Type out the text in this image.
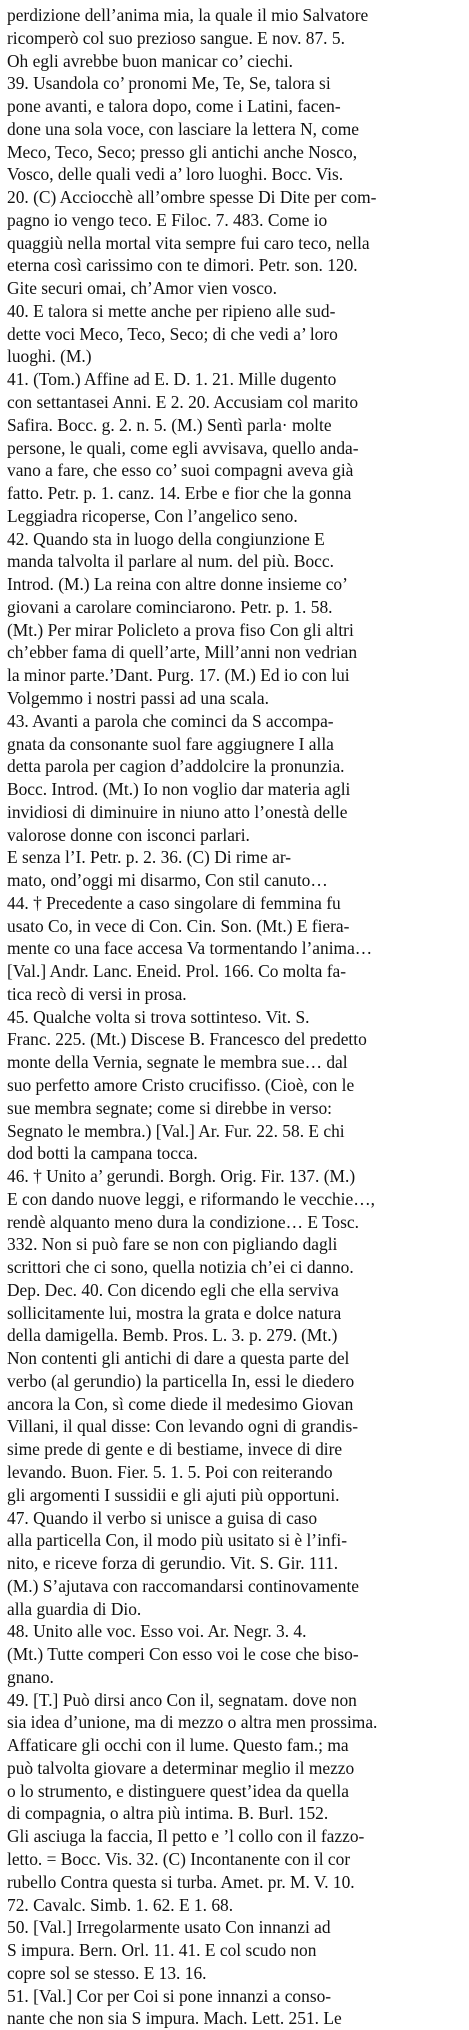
perdizione dell’anima mia, la quale il mio Salvatore
ricomperò col suo prezioso sangue. E nov. 87. 5.
Oh egli avrebbe buon manicar co’ ciechi.
39. Usandola co’ pronomi Me, Te, Se, talora si
pone avanti, e talora dopo, come i Latini, facen-
done una sola voce, con lasciare la lettera N, come
Meco, Teco, Seco; presso gli antichi anche Nosco,
Vosco, delle quali vedi a’ loro luoghi. Bocc. Vis.
20. (C) Acciocchè all’ombre spesse Di Dite per com-
pagno io vengo teco. E Filoc. 7. 483. Come io
quaggiù nella mortal vita sempre fui caro teco, nella
eterna così carissimo con te dimori. Petr. son. 120.
Gite securi omai, ch’Amor vien vosco.
40. E talora si mette anche per ripieno alle sud-
dette voci Meco, Teco, Seco; di che vedi a’ loro
luoghi. (M.)
41. (Tom.) Affine ad E. D. 1. 21. Mille dugento
con settantasei Anni. E 2. 20. Accusiam col marito
Safira. Bocc. g. 2. n. 5. (M.) Sentì parla· molte
persone, le quali, come egli avvisava, quello anda-
vano a fare, che esso co’ suoi compagni aveva già
fatto. Petr. p. 1. canz. 14. Erbe e fior che la gonna
Leggiadra ricoperse, Con l’angelico seno.
42. Quando sta in luogo della congiunzione E
manda talvolta il parlare al num. del più. Bocc.
Introd. (M.) La reina con altre donne insieme co’
giovani a carolare cominciarono. Petr. p. 1. 58.
(Mt.) Per mirar Policleto a prova fiso Con gli altri
ch’ebber fama di quell’arte, Mill’anni non vedrian
la minor parte.’Dant. Purg. 17. (M.) Ed io con lui
Volgemmo i nostri passi ad una scala.
43. Avanti a parola che cominci da S accompa-
gnata da consonante suol fare aggiugnere I alla
detta parola per cagion d’addolcire la pronunzia.
Bocc. Introd. (Mt.) Io non voglio dar materia agli
invidiosi di diminuire in niuno atto l’onestà delle
valorose donne con isconci parlari.
E senza l’I. Petr. p. 2. 36. (C) Di rime ar-
mato, ond’oggi mi disarmo, Con stil canuto…
44. † Precedente a caso singolare di femmina fu
usato Co, in vece di Con. Cin. Son. (Mt.) E fiera-
mente co una face accesa Va tormentando l’anima…
[Val.] Andr. Lanc. Eneid. Prol. 166. Co molta fa-
tica recò di versi in prosa.
45. Qualche volta si trova sottinteso. Vit. S.
Franc. 225. (Mt.) Discese B. Francesco del predetto
monte della Vernia, segnate le membra sue… dal
suo perfetto amore Cristo crucifisso. (Cioè, con le
sue membra segnate; come si direbbe in verso:
Segnato le membra.) [Val.] Ar. Fur. 22. 58. E chi
dod botti la campana tocca.
46. † Unito a’ gerundi. Borgh. Orig. Fir. 137. (M.)
E con dando nuove leggi, e riformando le vecchie…,
rendè alquanto meno dura la condizione… E Tosc.
332. Non si può fare se non con pigliando dagli
scrittori che ci sono, quella notizia ch’ei ci danno.
Dep. Dec. 40. Con dicendo egli che ella serviva
sollicitamente lui, mostra la grata e dolce natura
della damigella. Bemb. Pros. L. 3. p. 279. (Mt.)
Non contenti gli antichi di dare a questa parte del
verbo (al gerundio) la particella In, essi le diedero
ancora la Con, sì come diede il medesimo Giovan
Villani, il qual disse: Con levando ogni di grandis-
sime prede di gente e di bestiame, invece di dire
levando. Buon. Fier. 5. 1. 5. Poi con reiterando
gli argomenti I sussidii e gli ajuti più opportuni.
47. Quando il verbo si unisce a guisa di caso
alla particella Con, il modo più usitato si è l’infi-
nito, e riceve forza di gerundio. Vit. S. Gir. 111.
(M.) S’ajutava con raccomandarsi continovamente
alla guardia di Dio.
48. Unito alle voc. Esso voi. Ar. Negr. 3. 4.
(Mt.) Tutte comperi Con esso voi le cose che biso-
gnano.
49. [T.] Può dirsi anco Con il, segnatam. dove non
sia idea d’unione, ma di mezzo o altra men prossima.
Affaticare gli occhi con il lume. Questo fam.; ma
può talvolta giovare a determinar meglio il mezzo
o lo strumento, e distinguere quest’idea da quella
di compagnia, o altra più intima. B. Burl. 152.
Gli asciuga la faccia, Il petto e ’l collo con il fazzo-
letto. = Bocc. Vis. 32. (C) Incontanente con il cor
rubello Contra questa si turba. Amet. pr. M. V. 10.
72. Cavalc. Simb. 1. 62. E 1. 68.
50. [Val.] Irregolarmente usato Con innanzi ad
S impura. Bern. Orl. 11. 41. E col scudo non
copre sol se stesso. E 13. 16.
51. [Val.] Cor per Coi si pone innanzi a conso-
nante che non sia S impura. Mach. Lett. 251. Le
